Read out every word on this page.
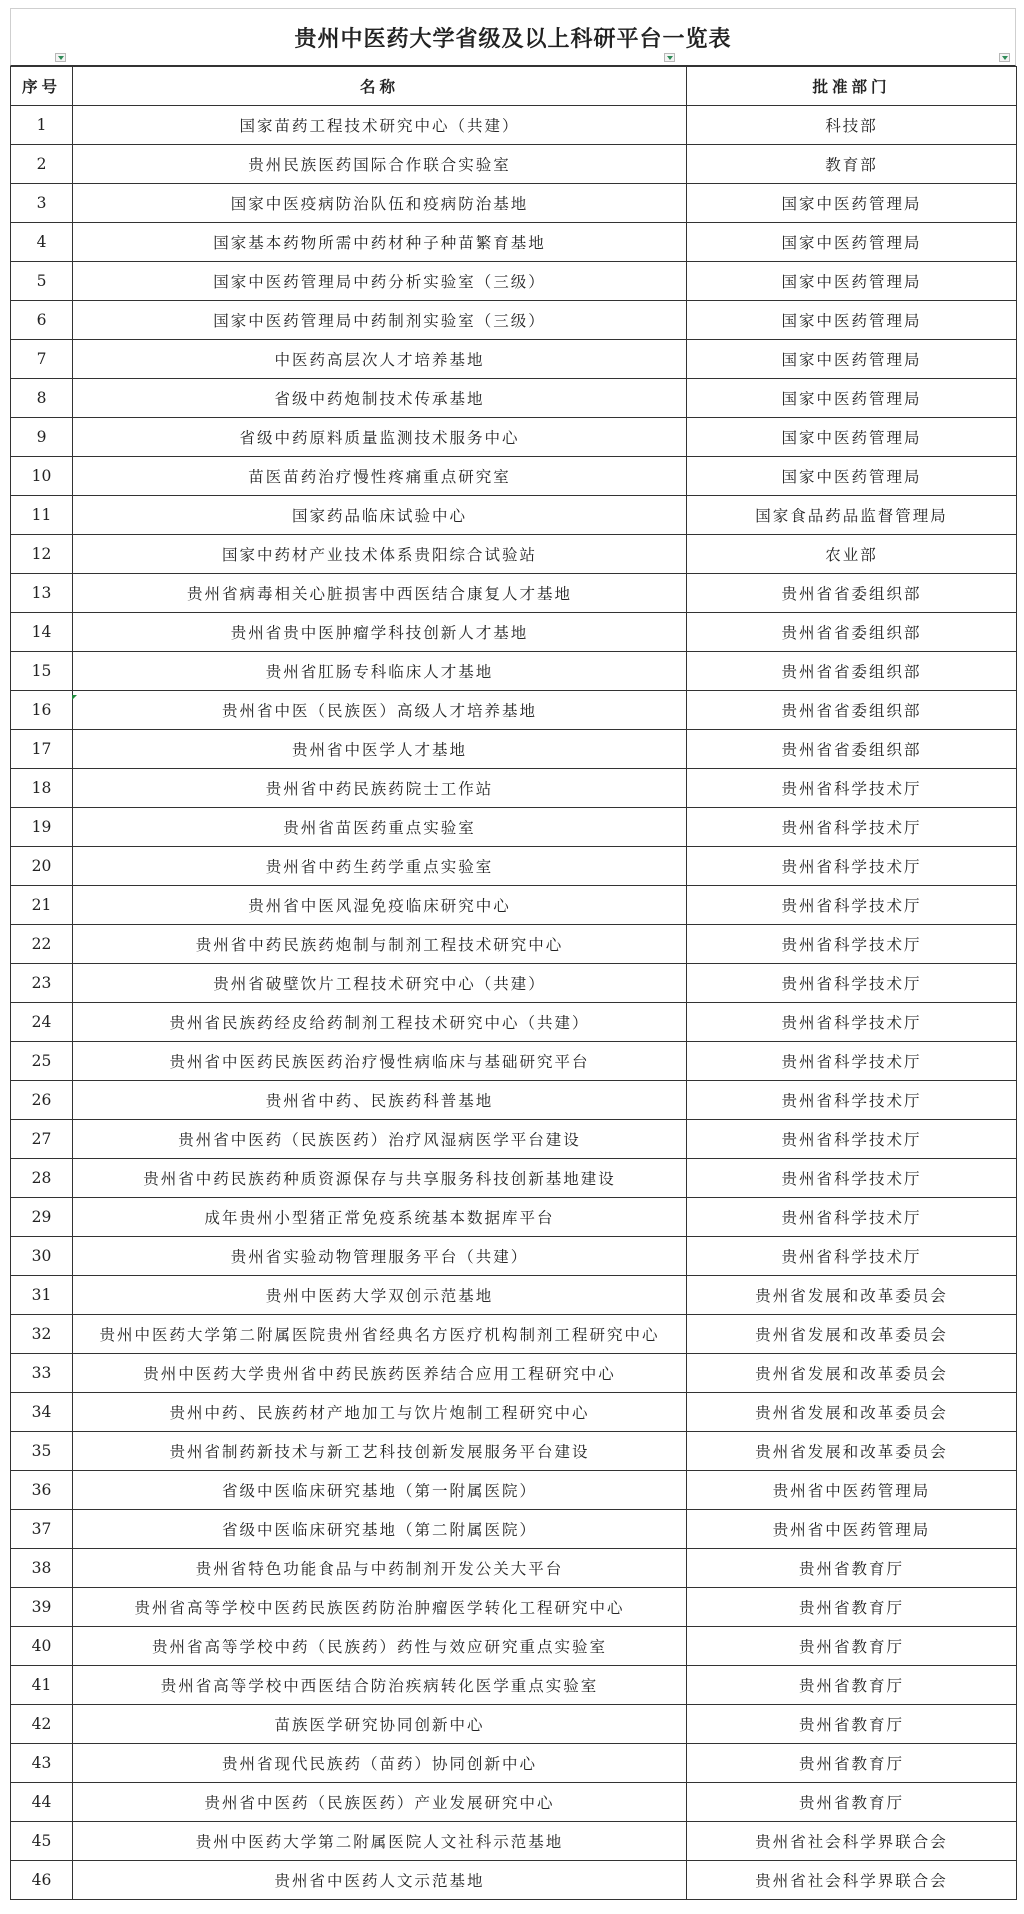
贵州中医药大学省级及以上科研平台一览表
序号	名称	批准部门
1	国家苗药工程技术研究中心（共建）	科技部
2	贵州民族医药国际合作联合实验室	教育部
3	国家中医疫病防治队伍和疫病防治基地	国家中医药管理局
4	国家基本药物所需中药材种子种苗繁育基地	国家中医药管理局
5	国家中医药管理局中药分析实验室（三级）	国家中医药管理局
6	国家中医药管理局中药制剂实验室（三级）	国家中医药管理局
7	中医药高层次人才培养基地	国家中医药管理局
8	省级中药炮制技术传承基地	国家中医药管理局
9	省级中药原料质量监测技术服务中心	国家中医药管理局
10	苗医苗药治疗慢性疼痛重点研究室	国家中医药管理局
11	国家药品临床试验中心	国家食品药品监督管理局
12	国家中药材产业技术体系贵阳综合试验站	农业部
13	贵州省病毒相关心脏损害中西医结合康复人才基地	贵州省省委组织部
14	贵州省贵中医肿瘤学科技创新人才基地	贵州省省委组织部
15	贵州省肛肠专科临床人才基地	贵州省省委组织部
16	贵州省中医（民族医）高级人才培养基地	贵州省省委组织部
17	贵州省中医学人才基地	贵州省省委组织部
18	贵州省中药民族药院士工作站	贵州省科学技术厅
19	贵州省苗医药重点实验室	贵州省科学技术厅
20	贵州省中药生药学重点实验室	贵州省科学技术厅
21	贵州省中医风湿免疫临床研究中心	贵州省科学技术厅
22	贵州省中药民族药炮制与制剂工程技术研究中心	贵州省科学技术厅
23	贵州省破壁饮片工程技术研究中心（共建）	贵州省科学技术厅
24	贵州省民族药经皮给药制剂工程技术研究中心（共建）	贵州省科学技术厅
25	贵州省中医药民族医药治疗慢性病临床与基础研究平台	贵州省科学技术厅
26	贵州省中药、民族药科普基地	贵州省科学技术厅
27	贵州省中医药（民族医药）治疗风湿病医学平台建设	贵州省科学技术厅
28	贵州省中药民族药种质资源保存与共享服务科技创新基地建设	贵州省科学技术厅
29	成年贵州小型猪正常免疫系统基本数据库平台	贵州省科学技术厅
30	贵州省实验动物管理服务平台（共建）	贵州省科学技术厅
31	贵州中医药大学双创示范基地	贵州省发展和改革委员会
32	贵州中医药大学第二附属医院贵州省经典名方医疗机构制剂工程研究中心	贵州省发展和改革委员会
33	贵州中医药大学贵州省中药民族药医养结合应用工程研究中心	贵州省发展和改革委员会
34	贵州中药、民族药材产地加工与饮片炮制工程研究中心	贵州省发展和改革委员会
35	贵州省制药新技术与新工艺科技创新发展服务平台建设	贵州省发展和改革委员会
36	省级中医临床研究基地（第一附属医院）	贵州省中医药管理局
37	省级中医临床研究基地（第二附属医院）	贵州省中医药管理局
38	贵州省特色功能食品与中药制剂开发公关大平台	贵州省教育厅
39	贵州省高等学校中医药民族医药防治肿瘤医学转化工程研究中心	贵州省教育厅
40	贵州省高等学校中药（民族药）药性与效应研究重点实验室	贵州省教育厅
41	贵州省高等学校中西医结合防治疾病转化医学重点实验室	贵州省教育厅
42	苗族医学研究协同创新中心	贵州省教育厅
43	贵州省现代民族药（苗药）协同创新中心	贵州省教育厅
44	贵州省中医药（民族医药）产业发展研究中心	贵州省教育厅
45	贵州中医药大学第二附属医院人文社科示范基地	贵州省社会科学界联合会
46	贵州省中医药人文示范基地	贵州省社会科学界联合会
